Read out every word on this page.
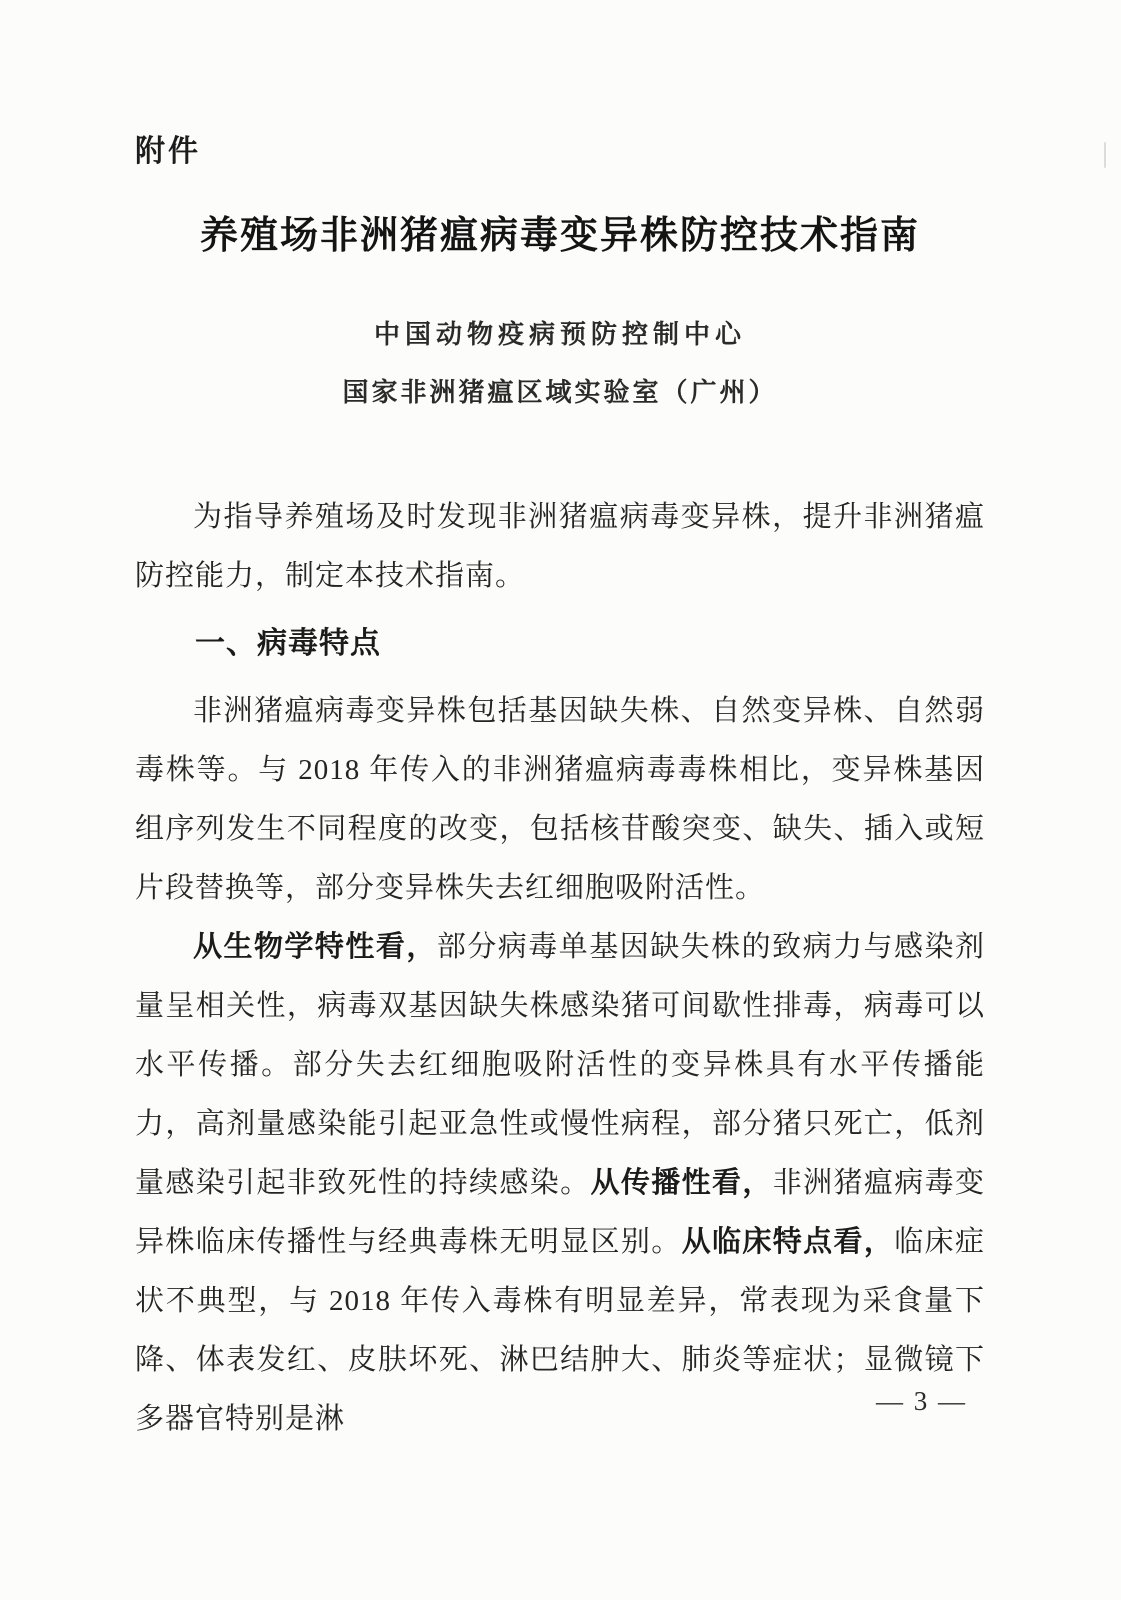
附件
养殖场非洲猪瘟病毒变异株防控技术指南
中国动物疫病预防控制中心
国家非洲猪瘟区域实验室（广州）

为指导养殖场及时发现非洲猪瘟病毒变异株，提升非洲猪瘟防控能力，制定本技术指南。

一、病毒特点

非洲猪瘟病毒变异株包括基因缺失株、自然变异株、自然弱毒株等。与 2018 年传入的非洲猪瘟病毒毒株相比，变异株基因组序列发生不同程度的改变，包括核苷酸突变、缺失、插入或短片段替换等，部分变异株失去红细胞吸附活性。

从生物学特性看，部分病毒单基因缺失株的致病力与感染剂量呈相关性，病毒双基因缺失株感染猪可间歇性排毒，病毒可以水平传播。部分失去红细胞吸附活性的变异株具有水平传播能力，高剂量感染能引起亚急性或慢性病程，部分猪只死亡，低剂量感染引起非致死性的持续感染。从传播性看，非洲猪瘟病毒变异株临床传播性与经典毒株无明显区别。从临床特点看，临床症状不典型，与 2018 年传入毒株有明显差异，常表现为采食量下降、体表发红、皮肤坏死、淋巴结肿大、肺炎等症状；显微镜下多器官特别是淋

— 3 —
